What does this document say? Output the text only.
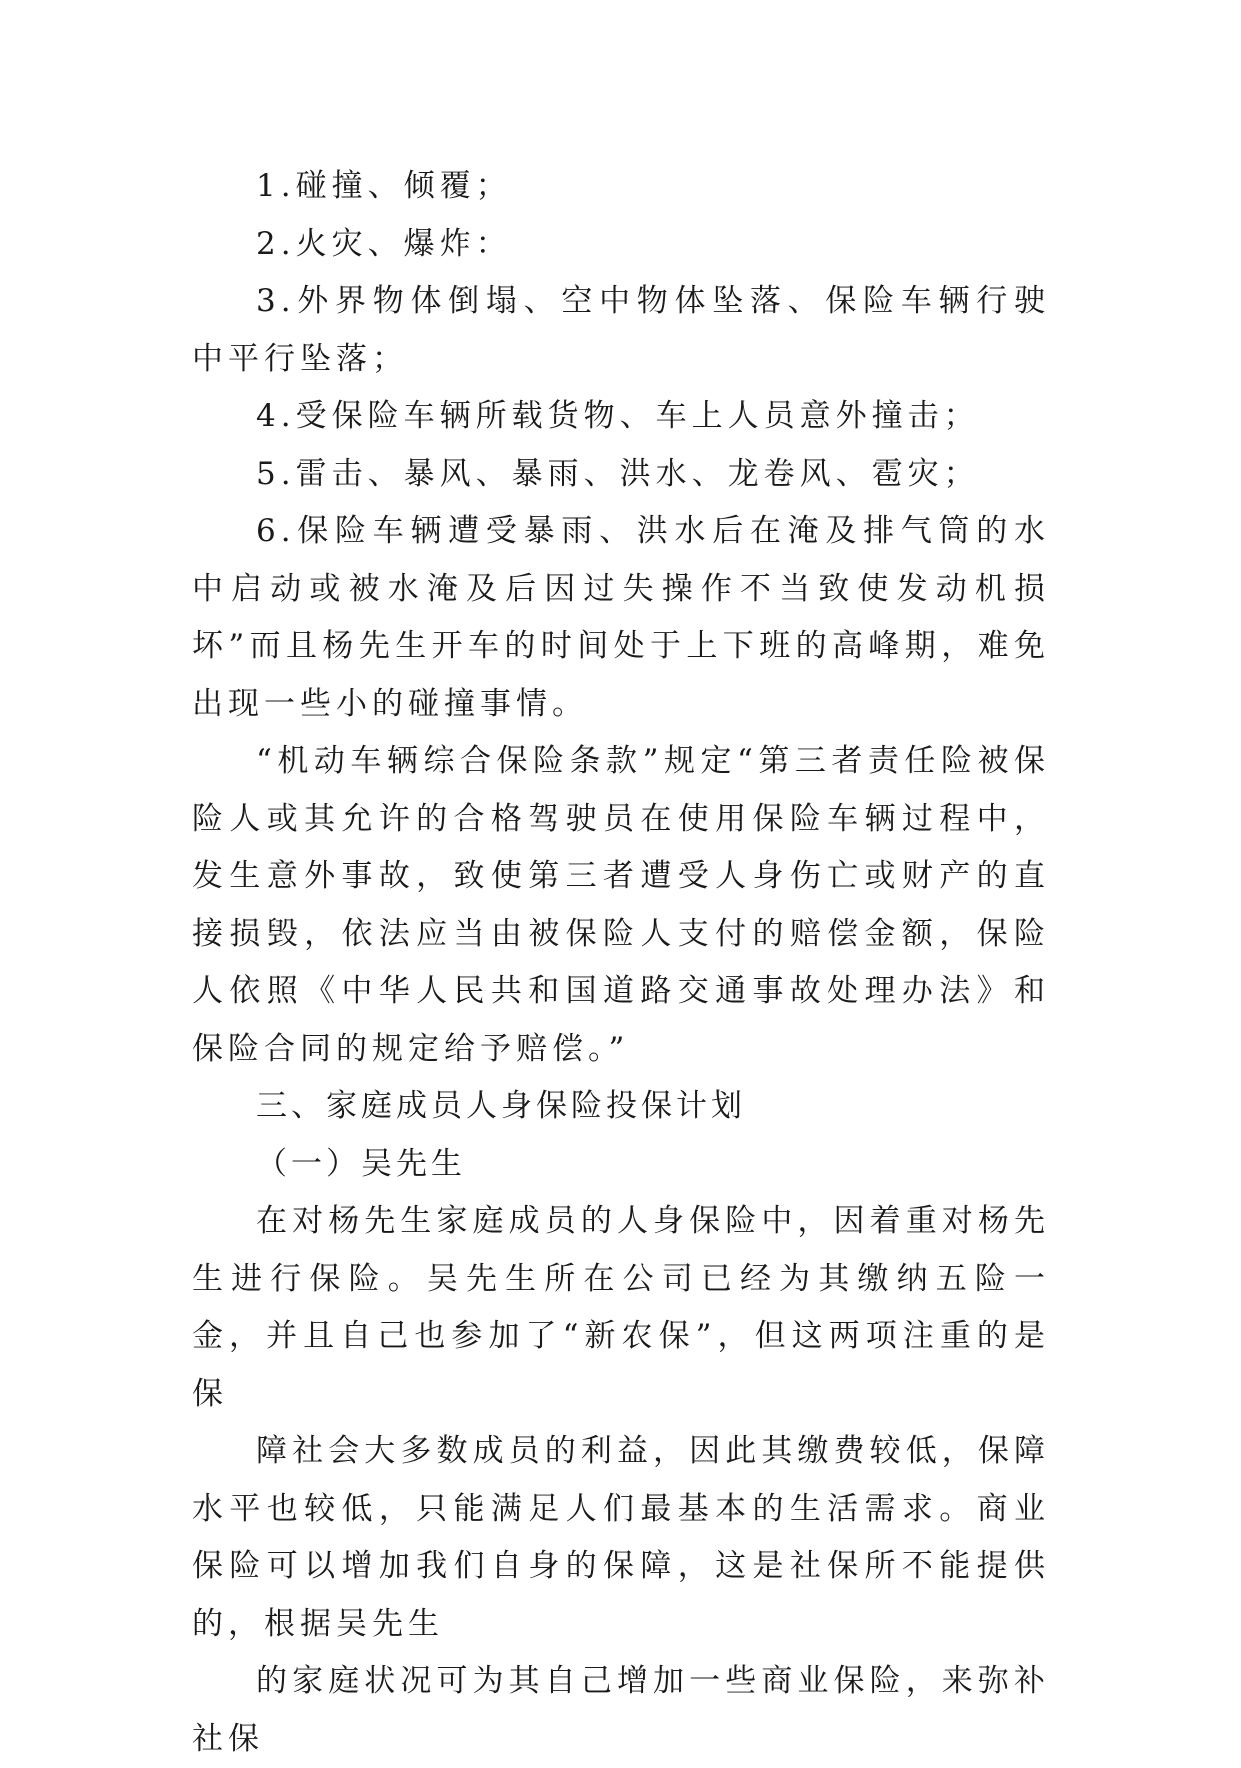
1.碰撞、倾覆；

2.火灾、爆炸：

3.外界物体倒塌、空中物体坠落、保险车辆行驶中平行坠落；

4.受保险车辆所载货物、车上人员意外撞击；

5.雷击、暴风、暴雨、洪水、龙卷风、雹灾；

6.保险车辆遭受暴雨、洪水后在淹及排气筒的水中启动或被水淹及后因过失操作不当致使发动机损坏”而且杨先生开车的时间处于上下班的高峰期，难免出现一些小的碰撞事情。

“机动车辆综合保险条款”规定“第三者责任险被保险人或其允许的合格驾驶员在使用保险车辆过程中，发生意外事故，致使第三者遭受人身伤亡或财产的直接损毁，依法应当由被保险人支付的赔偿金额，保险人依照《中华人民共和国道路交通事故处理办法》和保险合同的规定给予赔偿。”

三、家庭成员人身保险投保计划

（一）吴先生

在对杨先生家庭成员的人身保险中，因着重对杨先生进行保险。吴先生所在公司已经为其缴纳五险一金，并且自己也参加了“新农保”，但这两项注重的是保

障社会大多数成员的利益，因此其缴费较低，保障水平也较低，只能满足人们最基本的生活需求。商业保险可以增加我们自身的保障，这是社保所不能提供的，根据吴先生

的家庭状况可为其自己增加一些商业保险，来弥补社保
